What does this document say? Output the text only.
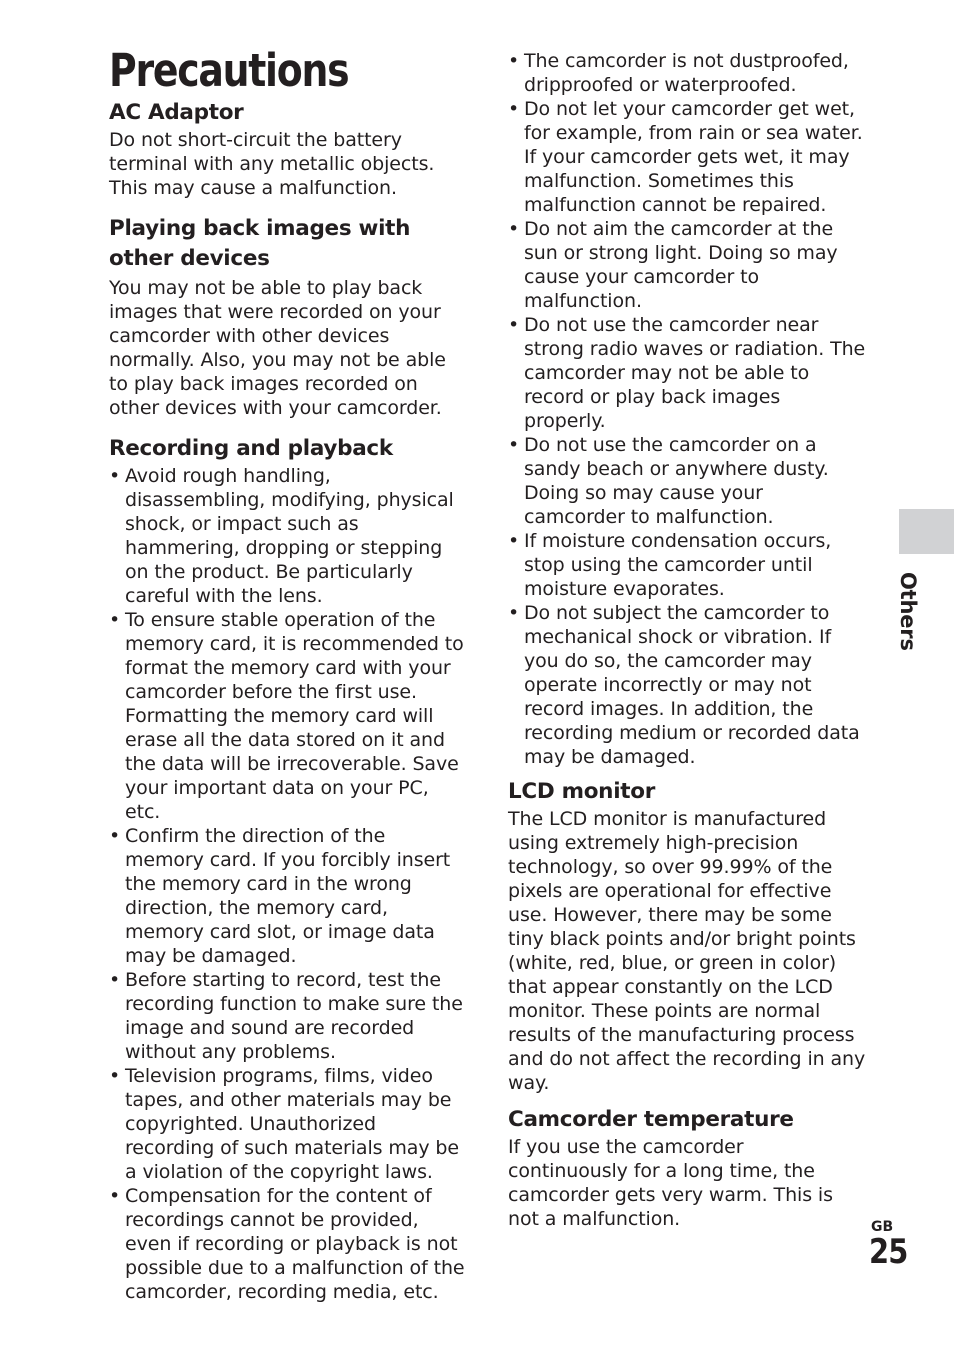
Precautions
AC Adaptor

Do not short-circuit the battery terminal with any metallic objects. This may cause a malfunction.

Playing back images with other devices

You may not be able to play back images that were recorded on your camcorder with other devices normally. Also, you may not be able to play back images recorded on other devices with your camcorder.

Recording and playback
• Avoid rough handling, disassembling, modifying, physical shock, or impact such as hammering, dropping or stepping on the product. Be particularly careful with the lens.
• To ensure stable operation of the memory card, it is recommended to format the memory card with your camcorder before the first use. Formatting the memory card will erase all the data stored on it and the data will be irrecoverable. Save your important data on your PC, etc.
• Confirm the direction of the memory card. If you forcibly insert the memory card in the wrong direction, the memory card, memory card slot, or image data may be damaged.
• Before starting to record, test the recording function to make sure the image and sound are recorded without any problems.
• Television programs, films, video tapes, and other materials may be copyrighted. Unauthorized recording of such materials may be a violation of the copyright laws.
• Compensation for the content of recordings cannot be provided, even if recording or playback is not possible due to a malfunction of the camcorder, recording media, etc.
• The camcorder is not dustproofed, dripproofed or waterproofed.
• Do not let your camcorder get wet, for example, from rain or sea water. If your camcorder gets wet, it may malfunction. Sometimes this malfunction cannot be repaired.
• Do not aim the camcorder at the sun or strong light. Doing so may cause your camcorder to malfunction.
• Do not use the camcorder near strong radio waves or radiation. The camcorder may not be able to record or play back images properly.
• Do not use the camcorder on a sandy beach or anywhere dusty. Doing so may cause your camcorder to malfunction.
• If moisture condensation occurs, stop using the camcorder until moisture evaporates.
• Do not subject the camcorder to mechanical shock or vibration. If you do so, the camcorder may operate incorrectly or may not record images. In addition, the recording medium or recorded data may be damaged.
LCD monitor

The LCD monitor is manufactured using extremely high-precision technology, so over 99.99% of the pixels are operational for effective use. However, there may be some tiny black points and/or bright points (white, red, blue, or green in color) that appear constantly on the LCD monitor. These points are normal results of the manufacturing process and do not affect the recording in any way.

Camcorder temperature

If you use the camcorder continuously for a long time, the camcorder gets very warm. This is not a malfunction.

Others
GB
25
